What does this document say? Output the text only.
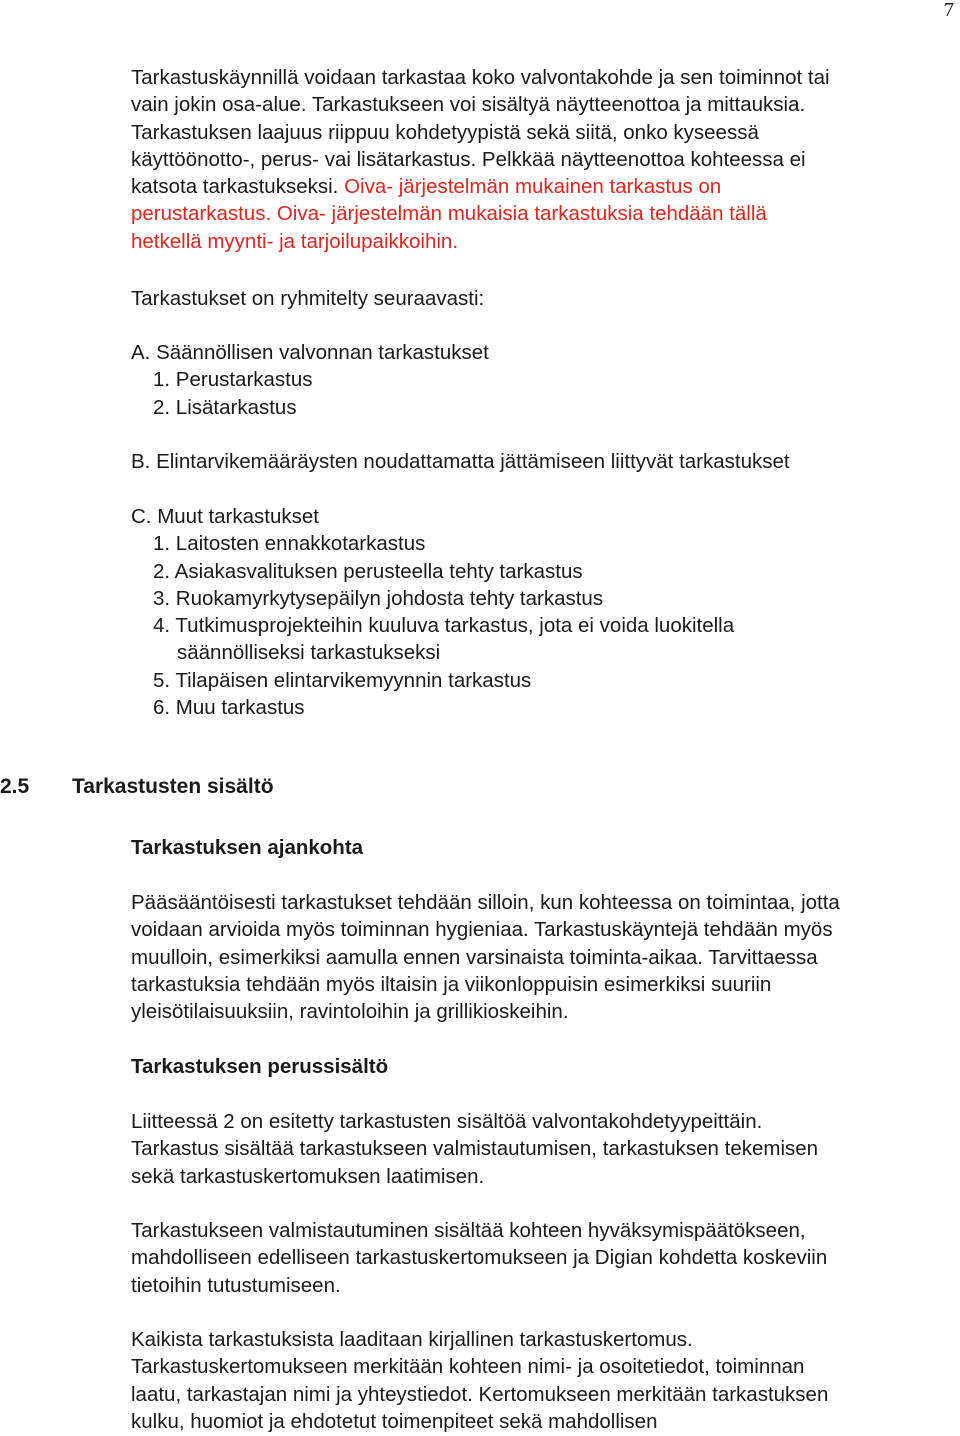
7
Tarkastuskäynnillä voidaan tarkastaa koko valvontakohde ja sen toiminnot tai
vain jokin osa-alue. Tarkastukseen voi sisältyä näytteenottoa ja mittauksia.
Tarkastuksen laajuus riippuu kohdetyypistä sekä siitä, onko kyseessä
käyttöönotto-, perus- vai lisätarkastus. Pelkkää näytteenottoa kohteessa ei
katsota tarkastukseksi. Oiva- järjestelmän mukainen tarkastus on
perustarkastus. Oiva- järjestelmän mukaisia tarkastuksia tehdään tällä
hetkellä myynti- ja tarjoilupaikkoihin.
Tarkastukset on ryhmitelty seuraavasti:
A. Säännöllisen valvonnan tarkastukset
1. Perustarkastus
2. Lisätarkastus
B. Elintarvikemääräysten noudattamatta jättämiseen liittyvät tarkastukset
C. Muut tarkastukset
1. Laitosten ennakkotarkastus
2. Asiakasvalituksen perusteella tehty tarkastus
3. Ruokamyrkytysepäilyn johdosta tehty tarkastus
4. Tutkimusprojekteihin kuuluva tarkastus, jota ei voida luokitella
säännölliseksi tarkastukseksi
5. Tilapäisen elintarvikemyynnin tarkastus
6. Muu tarkastus
2.5 Tarkastusten sisältö
Tarkastuksen ajankohta
Pääsääntöisesti tarkastukset tehdään silloin, kun kohteessa on toimintaa, jotta
voidaan arvioida myös toiminnan hygieniaa. Tarkastuskäyntejä tehdään myös
muulloin, esimerkiksi aamulla ennen varsinaista toiminta-aikaa. Tarvittaessa
tarkastuksia tehdään myös iltaisin ja viikonloppuisin esimerkiksi suuriin
yleisötilaisuuksiin, ravintoloihin ja grillikioskeihin.
Tarkastuksen perussisältö
Liitteessä 2 on esitetty tarkastusten sisältöä valvontakohdetyypeittäin.
Tarkastus sisältää tarkastukseen valmistautumisen, tarkastuksen tekemisen
sekä tarkastuskertomuksen laatimisen.
Tarkastukseen valmistautuminen sisältää kohteen hyväksymispäätökseen,
mahdolliseen edelliseen tarkastuskertomukseen ja Digian kohdetta koskeviin
tietoihin tutustumiseen.
Kaikista tarkastuksista laaditaan kirjallinen tarkastuskertomus.
Tarkastuskertomukseen merkitään kohteen nimi- ja osoitetiedot, toiminnan
laatu, tarkastajan nimi ja yhteystiedot. Kertomukseen merkitään tarkastuksen
kulku, huomiot ja ehdotetut toimenpiteet sekä mahdollisen
